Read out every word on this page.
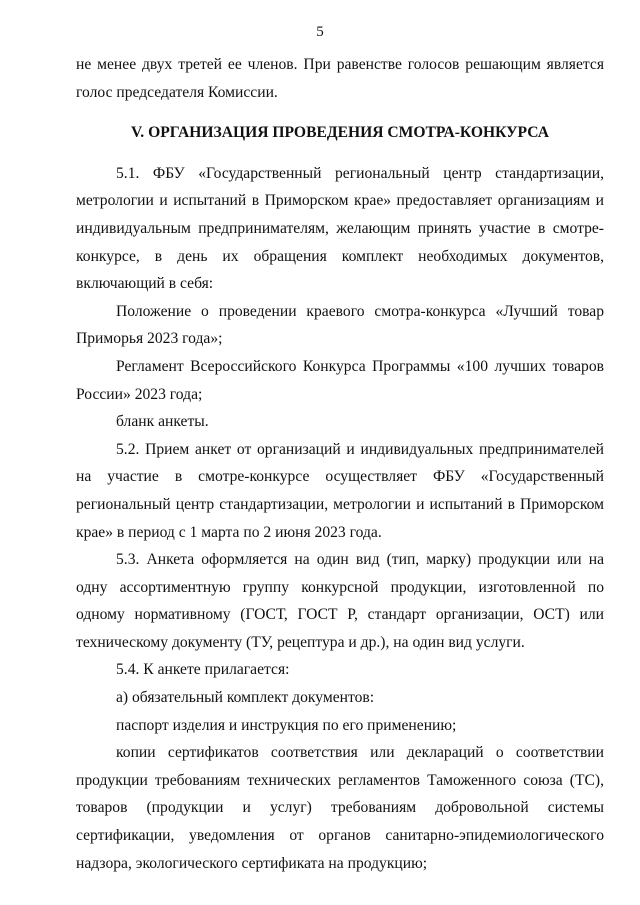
5

не менее двух третей ее членов. При равенстве голосов решающим является голос председателя Комиссии.

V. ОРГАНИЗАЦИЯ ПРОВЕДЕНИЯ СМОТРА-КОНКУРСА

5.1. ФБУ «Государственный региональный центр стандартизации, метрологии и испытаний в Приморском крае» предоставляет организациям и индивидуальным предпринимателям, желающим принять участие в смотре-конкурсе, в день их обращения комплект необходимых документов, включающий в себя:

Положение о проведении краевого смотра-конкурса «Лучший товар Приморья 2023 года»;

Регламент Всероссийского Конкурса Программы «100 лучших товаров России» 2023 года;

бланк анкеты.

5.2. Прием анкет от организаций и индивидуальных предпринимателей на участие в смотре-конкурсе осуществляет ФБУ «Государственный региональный центр стандартизации, метрологии и испытаний в Приморском крае» в период с 1 марта по 2 июня 2023 года.

5.3. Анкета оформляется на один вид (тип, марку) продукции или на одну ассортиментную группу конкурсной продукции, изготовленной по одному нормативному (ГОСТ, ГОСТ Р, стандарт организации, ОСТ) или техническому документу (ТУ, рецептура и др.), на один вид услуги.

5.4. К анкете прилагается:

а) обязательный комплект документов:

паспорт изделия и инструкция по его применению;

копии сертификатов соответствия или деклараций о соответствии продукции требованиям технических регламентов Таможенного союза (ТС), товаров (продукции и услуг) требованиям добровольной системы сертификации, уведомления от органов санитарно-эпидемиологического надзора, экологического сертификата на продукцию;
